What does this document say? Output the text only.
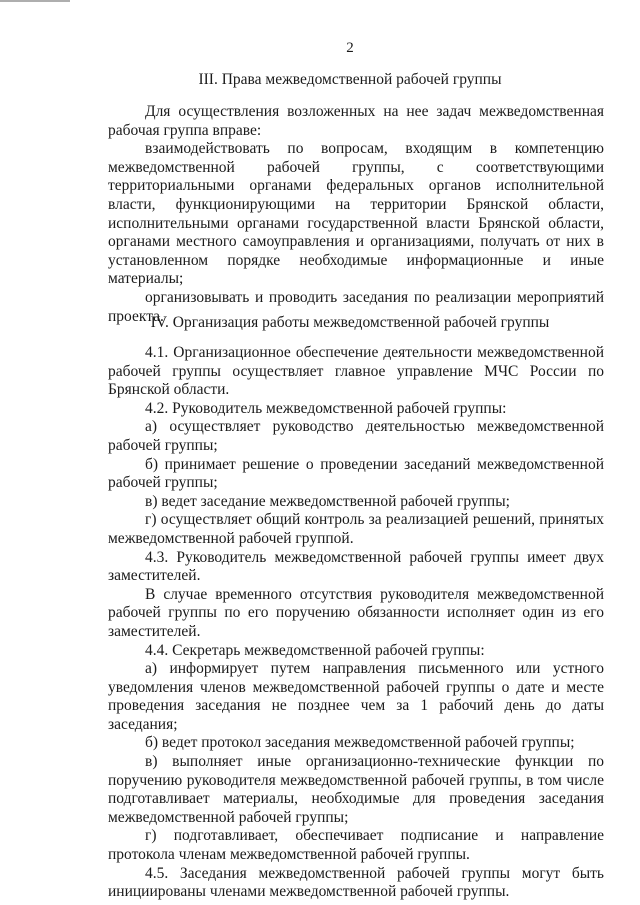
2
III. Права межведомственной рабочей группы

Для осуществления возложенных на нее задач межведомственная рабочая группа вправе:

взаимодействовать по вопросам, входящим в компетенцию межведомственной рабочей группы, с соответствующими территориальными органами федеральных органов исполнительной власти, функционирующими на территории Брянской области, исполнительными органами государственной власти Брянской области, органами местного самоуправления и организациями, получать от них в установленном порядке необходимые информационные и иные материалы;

организовывать и проводить заседания по реализации мероприятий проекта.

IV. Организация работы межведомственной рабочей группы

4.1. Организационное обеспечение деятельности межведомственной рабочей группы осуществляет главное управление МЧС России по Брянской области.

4.2. Руководитель межведомственной рабочей группы:

а) осуществляет руководство деятельностью межведомственной рабочей группы;

б) принимает решение о проведении заседаний межведомственной рабочей группы;

в) ведет заседание межведомственной рабочей группы;

г) осуществляет общий контроль за реализацией решений, принятых межведомственной рабочей группой.

4.3. Руководитель межведомственной рабочей группы имеет двух заместителей.

В случае временного отсутствия руководителя межведомственной рабочей группы по его поручению обязанности исполняет один из его заместителей.

4.4. Секретарь межведомственной рабочей группы:

а) информирует путем направления письменного или устного уведомления членов межведомственной рабочей группы о дате и месте проведения заседания не позднее чем за 1 рабочий день до даты заседания;

б) ведет протокол заседания межведомственной рабочей группы;

в) выполняет иные организационно-технические функции по поручению руководителя межведомственной рабочей группы, в том числе подготавливает материалы, необходимые для проведения заседания межведомственной рабочей группы;

г) подготавливает, обеспечивает подписание и направление протокола членам межведомственной рабочей группы.

4.5. Заседания межведомственной рабочей группы могут быть инициированы членами межведомственной рабочей группы.
